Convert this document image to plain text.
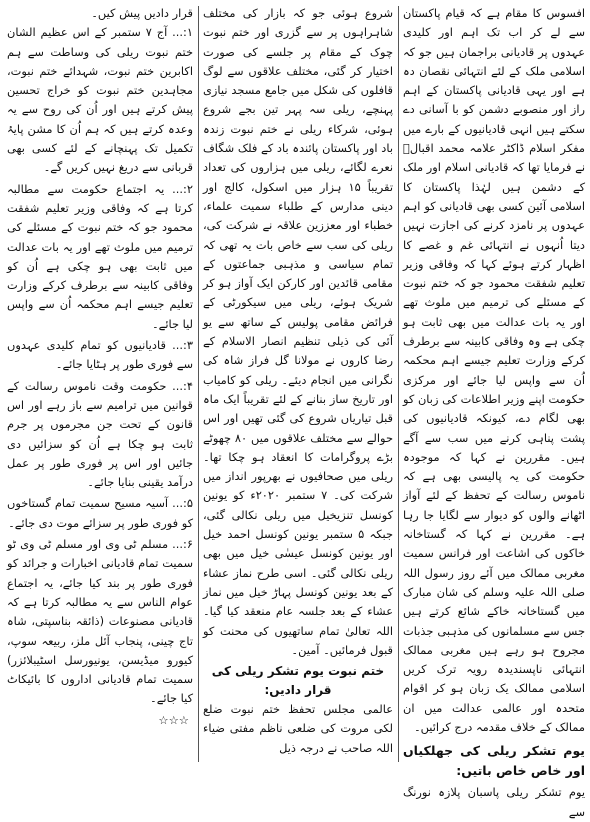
افسوس کا مقام ہے کہ قیام پاکستان سے لے کر اب تک اہم اور کلیدی عہدوں پر قادیانی براجمان ہیں جو کہ اسلامی ملک کے لئے انتہائی نقصان دہ ہے اور یہی قادیانی پاکستان کے اہم راز اور منصوبے دشمن کو با آسانی دے سکتے ہیں انہی قادیانیوں کے بارے میں مفکر اسلام ڈاکٹر علامہ محمد اقبالؒ نے فرمایا تھا کہ قادیانی اسلام اور ملک کے دشمن ہیں لہٰذا پاکستان کا اسلامی آئین کسی بھی قادیانی کو اہم عہدوں پر نامزد کرنے کی اجازت نہیں دیتا اُنہوں نے انتہائی غم و غصے کا اظہار کرتے ہوئے کہا کہ وفاقی وزیر تعلیم شفقت محمود جو کہ ختم نبوت کے مسئلے کی ترمیم میں ملوث تھے اور یہ بات عدالت میں بھی ثابت ہو چکی ہے وہ وفاقی کابینہ سے برطرف کرکے وزارت تعلیم جیسے اہم محکمہ اُن سے واپس لیا جائے اور مرکزی حکومت اپنے وزیر اطلاعات کی زبان کو بھی لگام دے، کیونکہ قادیانیوں کی پشت پناہی کرنے میں سب سے آگے ہیں۔ مقررین نے کہا کہ موجودہ حکومت کی یہ پالیسی بھی ہے کہ ناموس رسالت کے تحفظ کے لئے آواز اٹھانے والوں کو دیوار سے لگایا جا رہا ہے۔ مقررین نے کہا کہ گستاخانہ خاکوں کی اشاعت اور فرانس سمیت مغربی ممالک میں آئے روز رسول اللہ صلی اللہ علیہ وسلم کی شان مبارک میں گستاخانہ خاکے شائع کرتے ہیں جس سے مسلمانوں کی مذہبی جذبات مجروح ہو رہے ہیں مغربی ممالک انتہائی ناپسندیدہ رویہ ترک کریں اسلامی ممالک یک زبان ہو کر اقوام متحدہ اور عالمی عدالت میں ان ممالک کے خلاف مقدمہ درج کرائیں۔

یوم تشکر ریلی کی جھلکیاں اور خاص خاص باتیں:

یوم تشکر ریلی پاسبان پلازہ نورنگ سے

شروع ہوئی جو کہ بازار کی مختلف شاہراہوں پر سے گزری اور ختم نبوت چوک کے مقام پر جلسے کی صورت اختیار کر گئی، مختلف علاقوں سے لوگ قافلوں کی شکل میں جامع مسجد نیازی پہنچے، ریلی سہ پہر تین بجے شروع ہوئی، شرکاء ریلی نے ختم نبوت زندہ باد اور پاکستان پائندہ باد کے فلک شگاف نعرے لگائے، ریلی میں ہزاروں کی تعداد تقریباً ۱۵ ہزار میں اسکول، کالج اور دینی مدارس کے طلباء سمیت علماء، خطباء اور معززین علاقہ نے شرکت کی، ریلی کی سب سے خاص بات یہ تھی کہ تمام سیاسی و مذہبی جماعتوں کے مقامی قائدین اور کارکن ایک آواز ہو کر شریک ہوئے، ریلی میں سیکورٹی کے فرائض مقامی پولیس کے ساتھ سے یو آئی کی ذیلی تنظیم انصار الاسلام کے رضا کاروں نے مولانا گل فراز شاہ کی نگرانی میں انجام دیئے۔ ریلی کو کامیاب اور تاریخ ساز بنانے کے لئے تقریباً ایک ماہ قبل تیاریاں شروع کی گئی تھیں اور اس حوالے سے مختلف علاقوں میں ۸۰ چھوٹے بڑے پروگرامات کا انعقاد ہو چکا تھا۔ ریلی میں صحافیوں نے بھرپور انداز میں شرکت کی۔ ۷ ستمبر ۲۰۲۰ء کو یونین کونسل تنزیخیل میں ریلی نکالی گئی، جبکہ ۵ ستمبر یونین کونسل احمد خیل اور یونین کونسل عیسٰی خیل میں بھی ریلی نکالی گئی۔ اسی طرح نماز عشاء کے بعد یونین کونسل پہاڑ خیل میں نماز عشاء کے بعد جلسہ عام منعقد کیا گیا۔ اللہ تعالیٰ تمام ساتھیوں کی محنت کو قبول فرمائیں۔ آمین۔

ختم نبوت یوم تشکر ریلی کی قرار دادیں:

عالمی مجلس تحفظ ختم نبوت ضلع لکی مروت کی ضلعی ناظم مفتی ضیاء اللہ صاحب نے درجہ ذیل

قرار دادیں پیش کیں۔

۱:... آج ۷ ستمبر کے اس عظیم الشان ختم نبوت ریلی کی وساطت سے ہم اکابرین ختم نبوت، شہدائے ختم نبوت، مجاہدین ختم نبوت کو خراج تحسین پیش کرتے ہیں اور اُن کی روح سے یہ وعدہ کرتے ہیں کہ ہم اُن کا مشن پایۂ تکمیل تک پہنچانے کے لئے کسی بھی قربانی سے دریغ نہیں کریں گے۔

۲:... یہ اجتماع حکومت سے مطالبہ کرتا ہے کہ وفاقی وزیر تعلیم شفقت محمود جو کہ ختم نبوت کے مسئلے کی ترمیم میں ملوث تھے اور یہ بات عدالت میں ثابت بھی ہو چکی ہے اُن کو وفاقی کابینہ سے برطرف کرکے وزارت تعلیم جیسے اہم محکمہ اُن سے واپس لیا جائے۔

۳:... قادیانیوں کو تمام کلیدی عہدوں سے فوری طور پر ہٹایا جائے۔

۴:... حکومت وقت ناموس رسالت کے قوانین میں ترامیم سے باز رہے اور اس قانون کے تحت جن مجرموں پر جرم ثابت ہو چکا ہے اُن کو سزائیں دی جائیں اور اس پر فوری طور پر عمل درآمد یقینی بنایا جائے۔

۵:... آسیہ مسیح سمیت تمام گستاخوں کو فوری طور پر سزائے موت دی جائے۔

۶:... مسلم ٹی وی اور مسلم ٹی وی ٹو سمیت تمام قادیانی اخبارات و جرائد کو فوری طور پر بند کیا جائے، یہ اجتماع عوام الناس سے یہ مطالبہ کرتا ہے کہ قادیانی مصنوعات (ذائقہ بناسپتی، شاہ تاج چینی، پنجاب آئل ملز، ربیعہ سوپ، کیورو میڈیسن، یونیورسل اسٹیبلائزر) سمیت تمام قادیانی اداروں کا بائیکاٹ کیا جائے۔

☆☆☆
